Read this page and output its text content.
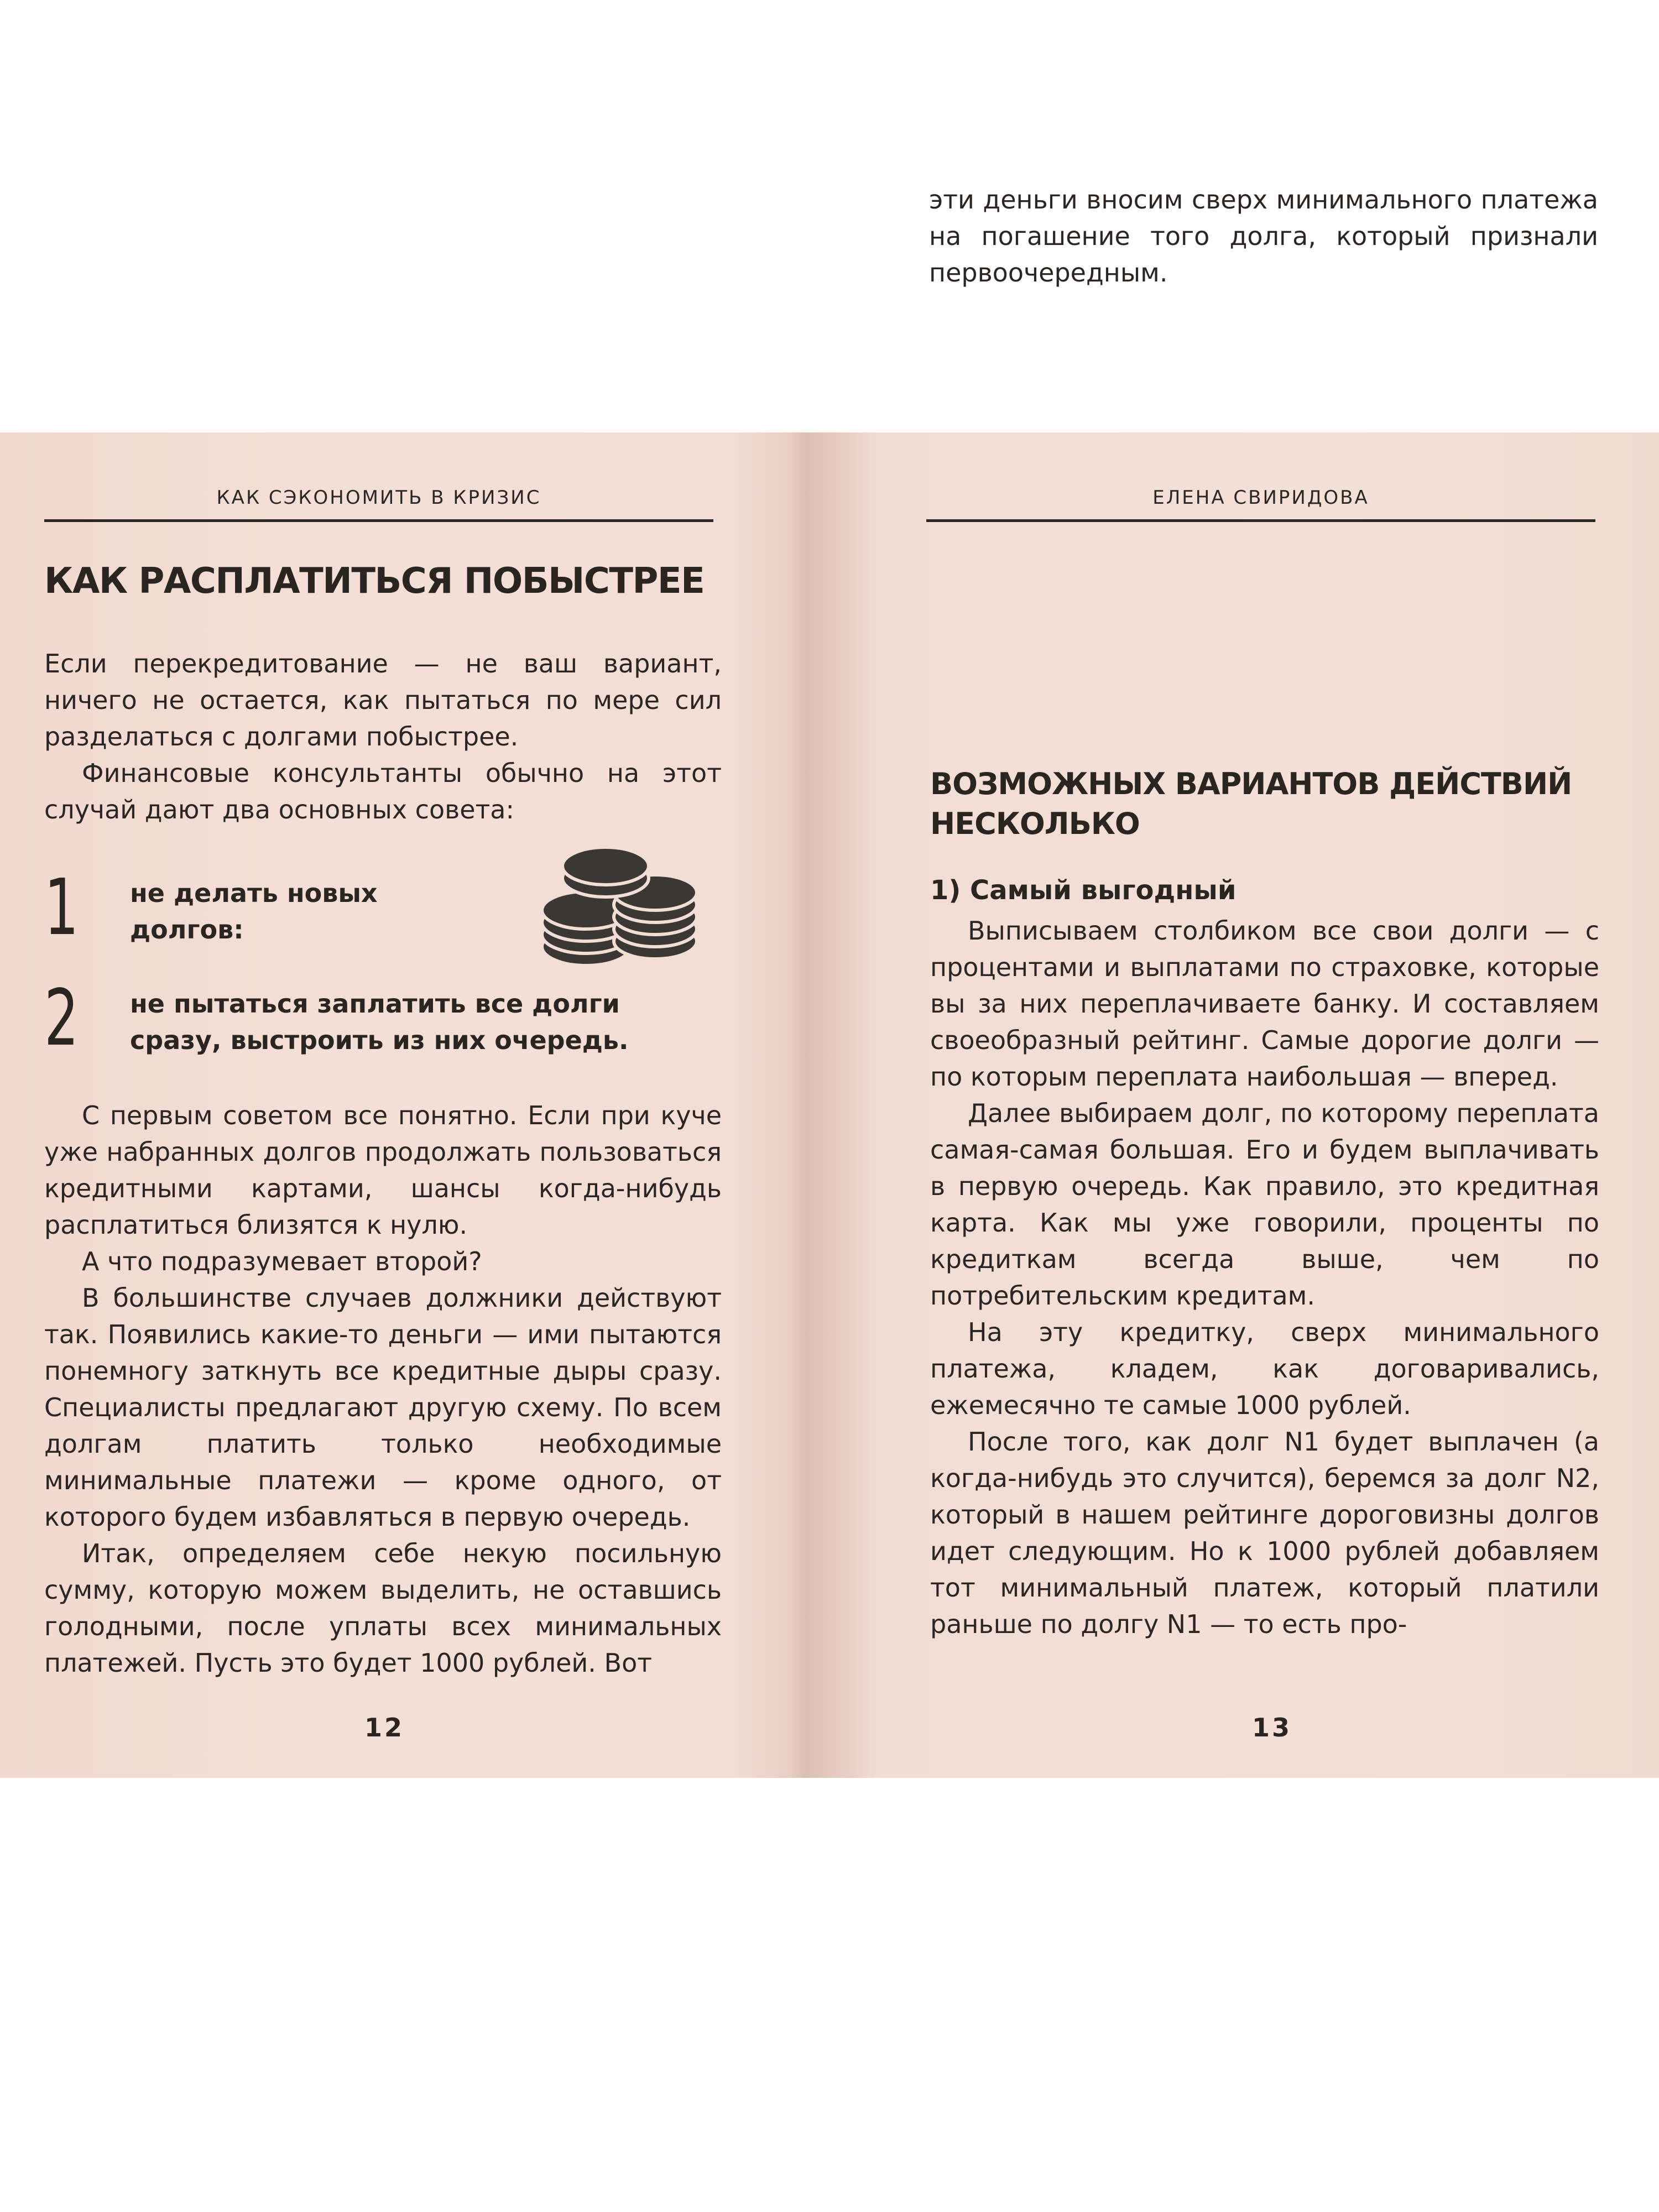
эти деньги вносим сверх минимального платежа на погашение того долга, который признали первоочередным.

КАК СЭКОНОМИТЬ В КРИЗИС
КАК РАСПЛАТИТЬСЯ ПОБЫСТРЕЕ

Если перекредитование — не ваш вариант, ничего не остается, как пытаться по мере сил разделаться с долгами побыстрее.

Финансовые консультанты обычно на этот случай дают два основных совета:

1 не делать новых долгов:
2 не пытаться заплатить все долги сразу, выстроить из них очередь.

С первым советом все понятно. Если при куче уже набранных долгов продолжать пользоваться кредитными картами, шансы когда-нибудь расплатиться близятся к нулю.

А что подразумевает второй?

В большинстве случаев должники действуют так. Появились какие-то деньги — ими пытаются понемногу заткнуть все кредитные дыры сразу. Специалисты предлагают другую схему. По всем долгам платить только необходимые минимальные платежи — кроме одного, от которого будем избавляться в первую очередь.

Итак, определяем себе некую посильную сумму, которую можем выделить, не оставшись голодными, после уплаты всех минимальных платежей. Пусть это будет 1000 рублей. Вот

12
ЕЛЕНА СВИРИДОВА
ВОЗМОЖНЫХ ВАРИАНТОВ ДЕЙСТВИЙ НЕСКОЛЬКО
1) Самый выгодный

Выписываем столбиком все свои долги — с процентами и выплатами по страховке, которые вы за них переплачиваете банку. И составляем своеобразный рейтинг. Самые дорогие долги — по которым переплата наибольшая — вперед.

Далее выбираем долг, по которому переплата самая-самая большая. Его и будем выплачивать в первую очередь. Как правило, это кредитная карта. Как мы уже говорили, проценты по кредиткам всегда выше, чем по потребительским кредитам.

На эту кредитку, сверх минимального платежа, кладем, как договаривались, ежемесячно те самые 1000 рублей.

После того, как долг N1 будет выплачен (а когда-нибудь это случится), беремся за долг N2, который в нашем рейтинге дороговизны долгов идет следующим. Но к 1000 рублей добавляем тот минимальный платеж, который платили раньше по долгу N1 — то есть про-

13
